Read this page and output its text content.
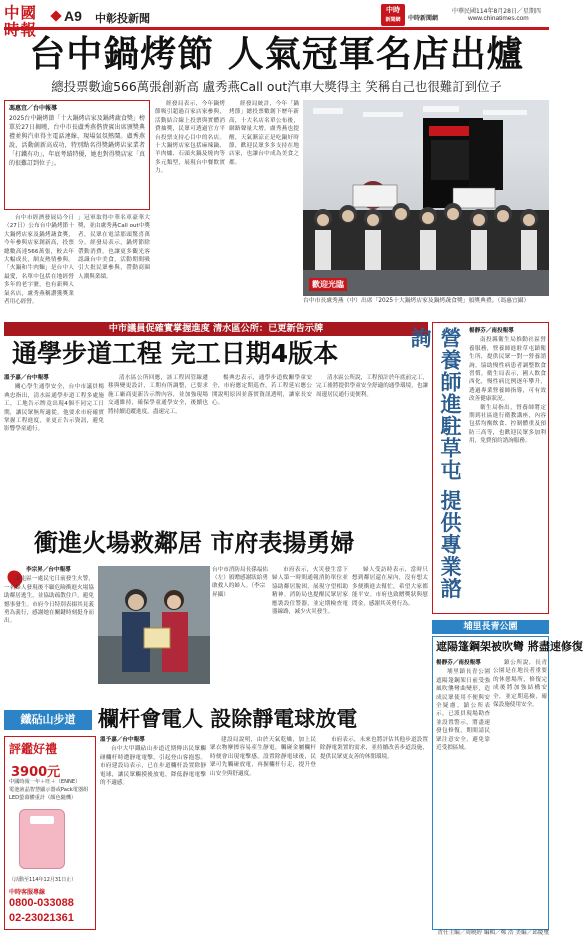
中國	A9 中彰投新聞
中時
新聞網	中時新聞網
中華民國114年8月28日／星期四
www.chinatimes.com
台中鍋烤節 人氣冠軍名店出爐
總投票數逾566萬張創新高 盧秀燕Call out汽車大獎得主 笑稱自己也很難訂到位子
馮惠宜／台中報導

2025台中鍋烤節「十大鍋烤店家及鍋烤蔬食獎」榜單於27日揭曉，台中市長盧秀燕偕貴賓出席頒獎典禮並與汽車得主電話連線，現場氣氛熱鬧。盧秀燕說，活動創新高成功，特別點名得獎鍋烤店家業者「打鐵有功」，年底考績特優，她也對得獎店家「真的很難訂到位子」。

台中市經濟發展局今日（27日）公布台中鍋烤節十大鍋烤店家及鍋烤蔬食獎，今年參與店家創新高，投票總數高達566萬張，較去年大幅成長，網友熱情參與。「火鍋和牛肉麵」是台中人最愛，名單中包括在地經營多年的老字號，也有新興人氣名店，盧秀燕稱讚獲獎業者用心經營。

」冠軍取得中華名車豪華大獎，並由盧秀燕Call out中獎者，民眾在電話那頭驚喜萬分。經發局表示，鍋烤節除帶動消費，也讓更多觀光客認識台中美食，活動期間吸引大批民眾參與，帶動商圈人潮與業績。

經發局表示，今年鍋烤節吸引超過百家店家參與，活動結合線上投票與實體消費抽獎，民眾可透過官方平台投票支持心目中的名店。十大鍋烤店家包括麻辣鍋、羊肉爐、石頭火鍋及燒肉等多元類型，展現台中餐飲實力。

經發局統計，今年「鍋烤節」總投票數創下歷年新高，十大名店名單公布後，網路聲量大增。盧秀燕也提醒，天氣漸涼正是吃鍋好時節，歡迎民眾多多支持在地店家，也讓台中成為美食之都。

歡迎光臨
台中市長盧秀燕（中）出席「2025十大鍋烤店家及鍋烤蔬食獎」頒獎典禮。（馮惠宜攝）
中市議員促確實掌握進度 清水區公所：已更新告示牌
通學步道工程 完工日期4版本
溫予嘉／台中報導

關心學生通學安全，台中市議員楊典忠指出，清水區通學步道工程多處施工，工地告示牌竟出現4個不同完工日期，讓民眾無所適從。他要求市府確實掌握工程進度，並更正告示資訊，避免影響學童通行。

清水區公所回應，該工程因管線遷移與變更設計，工期有所調整，已要求施工廠商更新告示牌內容，並加強現場交通維持，確保學童通學安全，後續也將持續追蹤進度，盡速完工。

楊典忠表示，通學步道攸關學童安全，市府應定期巡查，若工程延宕應公開說明原因並落實資訊透明，讓家長安心。

清水區公所說，工程預計於年底前完工，完工後將提供學童安全舒適的通學環境，也讓周邊居民通行更便利。

衝進火場救鄰居 市府表揚勇婦
李宗昇／台中報導

南屯區一處民宅日前發生火警，一名婦人發現後不顧危險衝進火場協助鄰居逃生，並協助疏散住戶，避免憾事發生。市府今日特別表揚其見義勇為義行，感謝她在關鍵時刻挺身而出。

台中市消防局長孫福佑（左）頒贈感謝狀給勇敢救人的婦人。（李宗昇攝）

市府表示，火災發生當下婦人第一時間通報消防單位並協助鄰居脫困，展現守望相助精神。消防局也提醒民眾居家應裝設住警器，並定期檢查電器線路，減少火災發生。

婦人受訪時表示，當時只想到鄰居還在屋內，沒有想太多便衝進去幫忙，希望大家都能平安。市府也致贈獎狀與慰問金，感謝其英勇行為。

鐵砧山步道	欄杆會電人 設除靜電球放電
評鑑好禮
3900元
中國時報一年＋旺＋（ENNE）
電池液晶智慧顯示器或Pack電器組
LED螢幕體重計（顏色隨機）
（活動至114年12月31日止）
中時客服專線
0800-033088
02-23021361
溫予嘉／台中報導

台中大甲鐵砧山步道近期傳出民眾觸碰欄杆時遭靜電電擊，引起登山客抱怨。市府建設局表示，已在步道欄杆設置除靜電球，讓民眾觸摸後放電，降低靜電電擊的不適感。

建設局說明，由於天氣乾燥，加上民眾衣物摩擦容易產生靜電，觸碰金屬欄杆時便會出現電擊感。設置除靜電球後，民眾可先觸碰放電，再握欄杆行走，提升登山安全與舒適度。

市府表示，未來也將評估其他步道設置除靜電裝置的需求，並持續改善步道設施，提供民眾更友善的休閒環境。

營養師進駐草屯 提供專業諮詢	楊靜芬／南投報導

南投縣衛生局推動社區營養服務，營養師進駐草屯鎮衛生所，提供民眾一對一營養諮詢，協助慢性病患者調整飲食習慣。衛生局表示，國人飲食西化，慢性病比例逐年攀升，透過專業營養師指導，可有效改善健康狀況。

衛生局指出，營養師將定期到社區進行衛教講座，內容包括均衡飲食、控制體重及預防三高等，也歡迎民眾多加利用，免費預約諮詢服務。

埔里長青公園
遮陽篷鋼架被吹彎 將盡速修復
楊靜芬／南投報導

埔里鎮長青公園遮陽篷鋼架日前受強風吹襲彎曲變形，造成民眾使用不便與安全疑慮。鎮公所表示，已派員現場勘查並設置警示，將盡速發包修復，期間請民眾注意安全，避免靠近受損區域。

鎮公所說，長青公園是在地長者重要的休憩場所，修復完成後將加強結構安全，並定期巡檢，確保設施使用安全。

責任主編／周曉婷 編輯／鄭 浩 美編／邱慶璽
